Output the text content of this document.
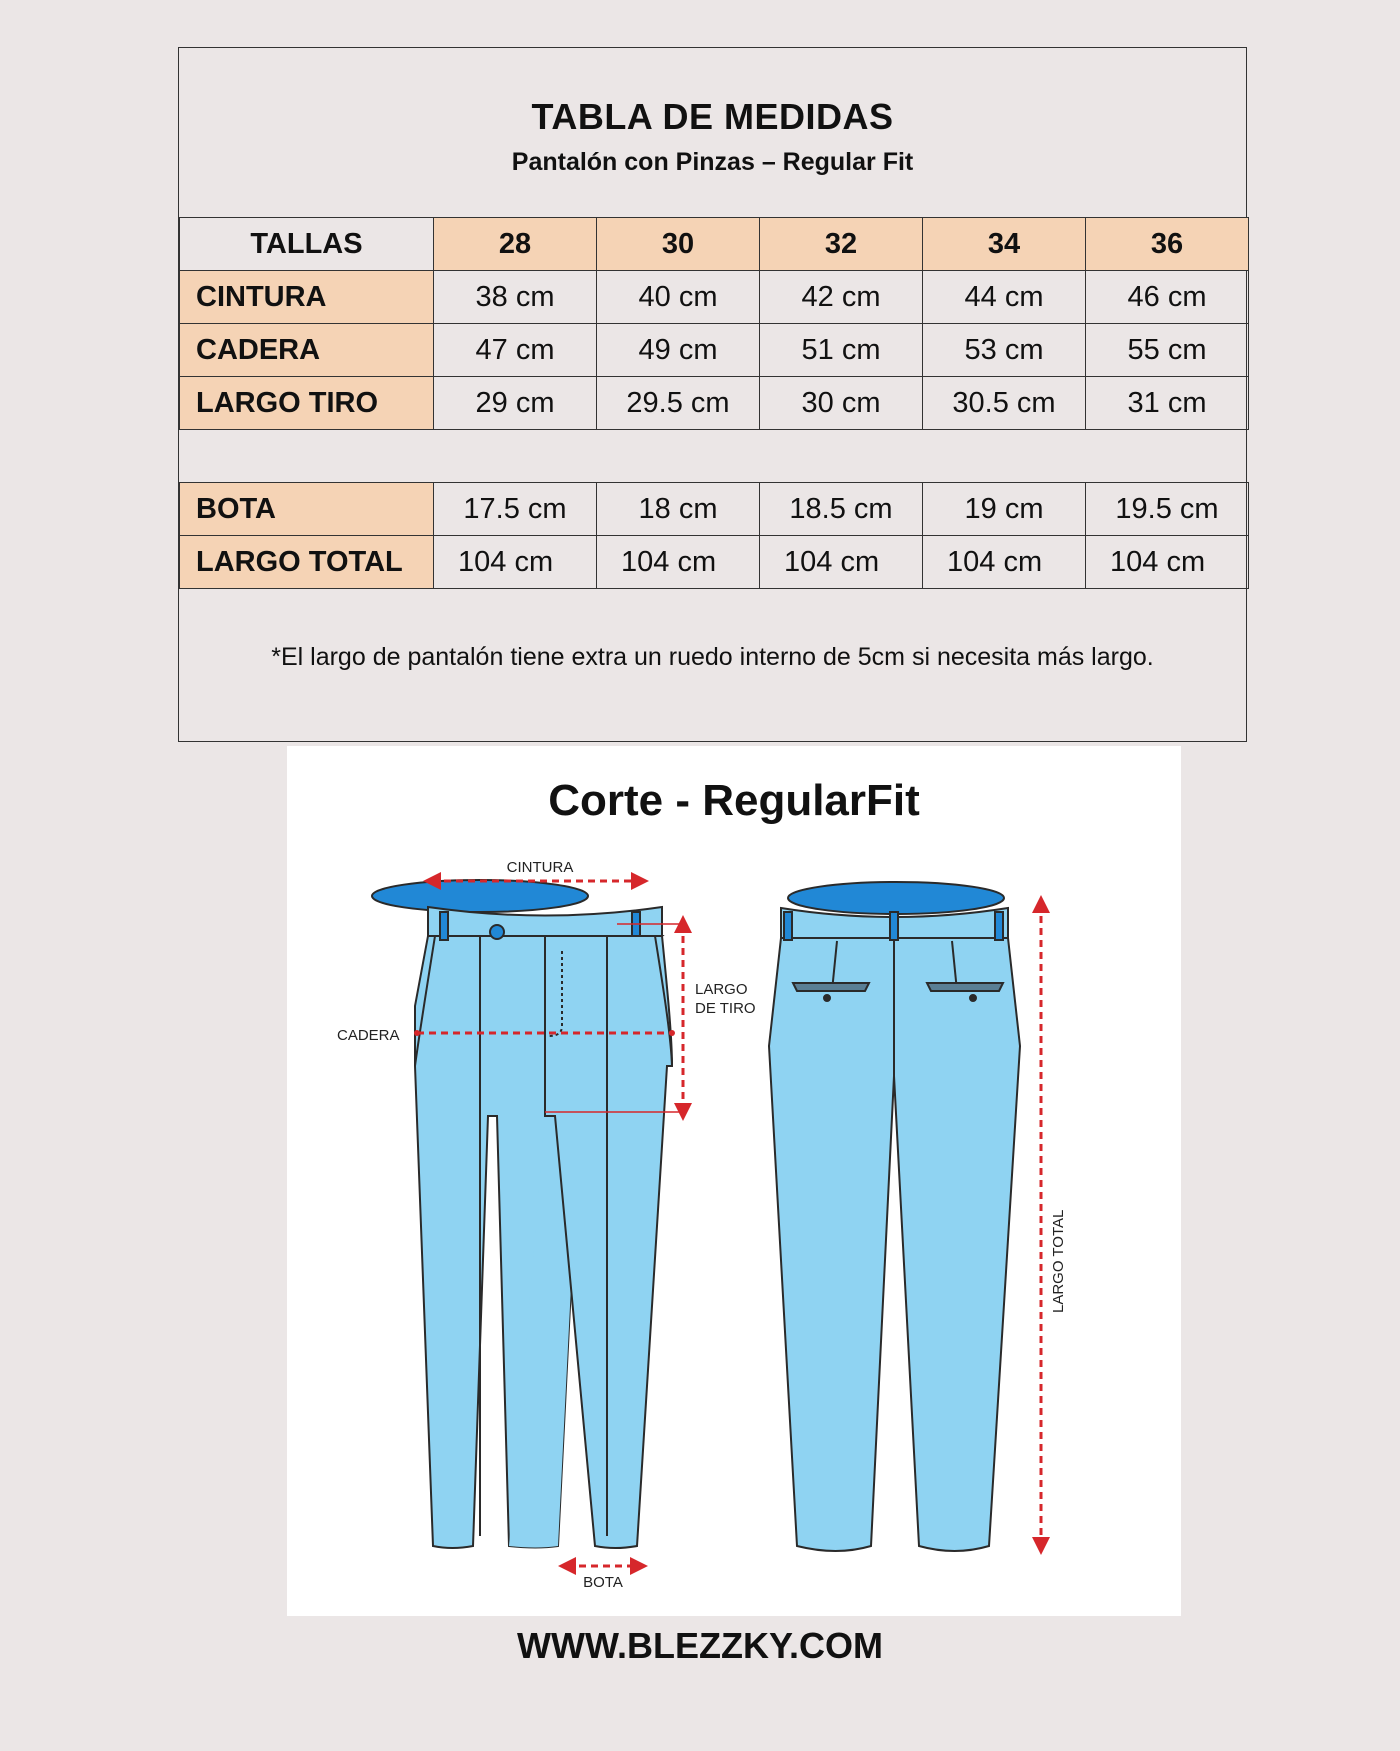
TABLA DE MEDIDAS
Pantalón con Pinzas – Regular Fit
TALLAS	28	30	32	34	36
CINTURA	38 cm	40 cm	42 cm	44 cm	46 cm
CADERA	47 cm	49 cm	51 cm	53 cm	55 cm
LARGO TIRO	29 cm	29.5 cm	30 cm	30.5 cm	31 cm

BOTA	17.5 cm	18 cm	18.5 cm	19 cm	19.5 cm
LARGO TOTAL	104 cm	104 cm	104 cm	104 cm	104 cm
*El largo de pantalón tiene extra un ruedo interno de 5cm si necesita más largo.
Corte - RegularFit
CINTURA
CADERA
LARGO
DE TIRO
BOTA
LARGO TOTAL
WWW.BLEZZKY.COM
